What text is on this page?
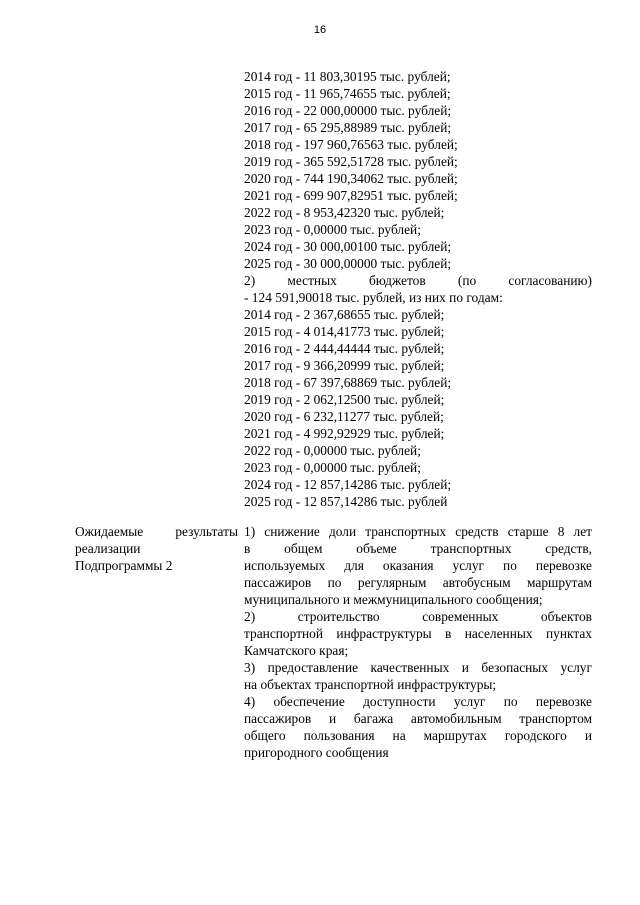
16
2014 год - 11 803,30195 тыс. рублей;
2015 год - 11 965,74655 тыс. рублей;
2016 год - 22 000,00000 тыс. рублей;
2017 год - 65 295,88989 тыс. рублей;
2018 год - 197 960,76563 тыс. рублей;
2019 год - 365 592,51728 тыс. рублей;
2020 год - 744 190,34062 тыс. рублей;
2021 год - 699 907,82951 тыс. рублей;
2022 год - 8 953,42320 тыс. рублей;
2023 год - 0,00000 тыс. рублей;
2024 год - 30 000,00100 тыс. рублей;
2025 год - 30 000,00000 тыс. рублей;
2) местных бюджетов (по согласованию)
- 124 591,90018 тыс. рублей, из них по годам:
2014 год - 2 367,68655 тыс. рублей;
2015 год - 4 014,41773 тыс. рублей;
2016 год - 2 444,44444 тыс. рублей;
2017 год - 9 366,20999 тыс. рублей;
2018 год - 67 397,68869 тыс. рублей;
2019 год - 2 062,12500 тыс. рублей;
2020 год - 6 232,11277 тыс. рублей;
2021 год - 4 992,92929 тыс. рублей;
2022 год - 0,00000 тыс. рублей;
2023 год - 0,00000 тыс. рублей;
2024 год - 12 857,14286 тыс. рублей;
2025 год - 12 857,14286 тыс. рублей
Ожидаемые результаты
реализации
Подпрограммы 2
1) снижение доли транспортных средств старше 8 лет
в общем объеме транспортных средств,
используемых для оказания услуг по перевозке
пассажиров по регулярным автобусным маршрутам
муниципального и межмуниципального сообщения;
2) строительство современных объектов
транспортной инфраструктуры в населенных пунктах
Камчатского края;
3) предоставление качественных и безопасных услуг
на объектах транспортной инфраструктуры;
4) обеспечение доступности услуг по перевозке
пассажиров и багажа автомобильным транспортом
общего пользования на маршрутах городского и
пригородного сообщения
